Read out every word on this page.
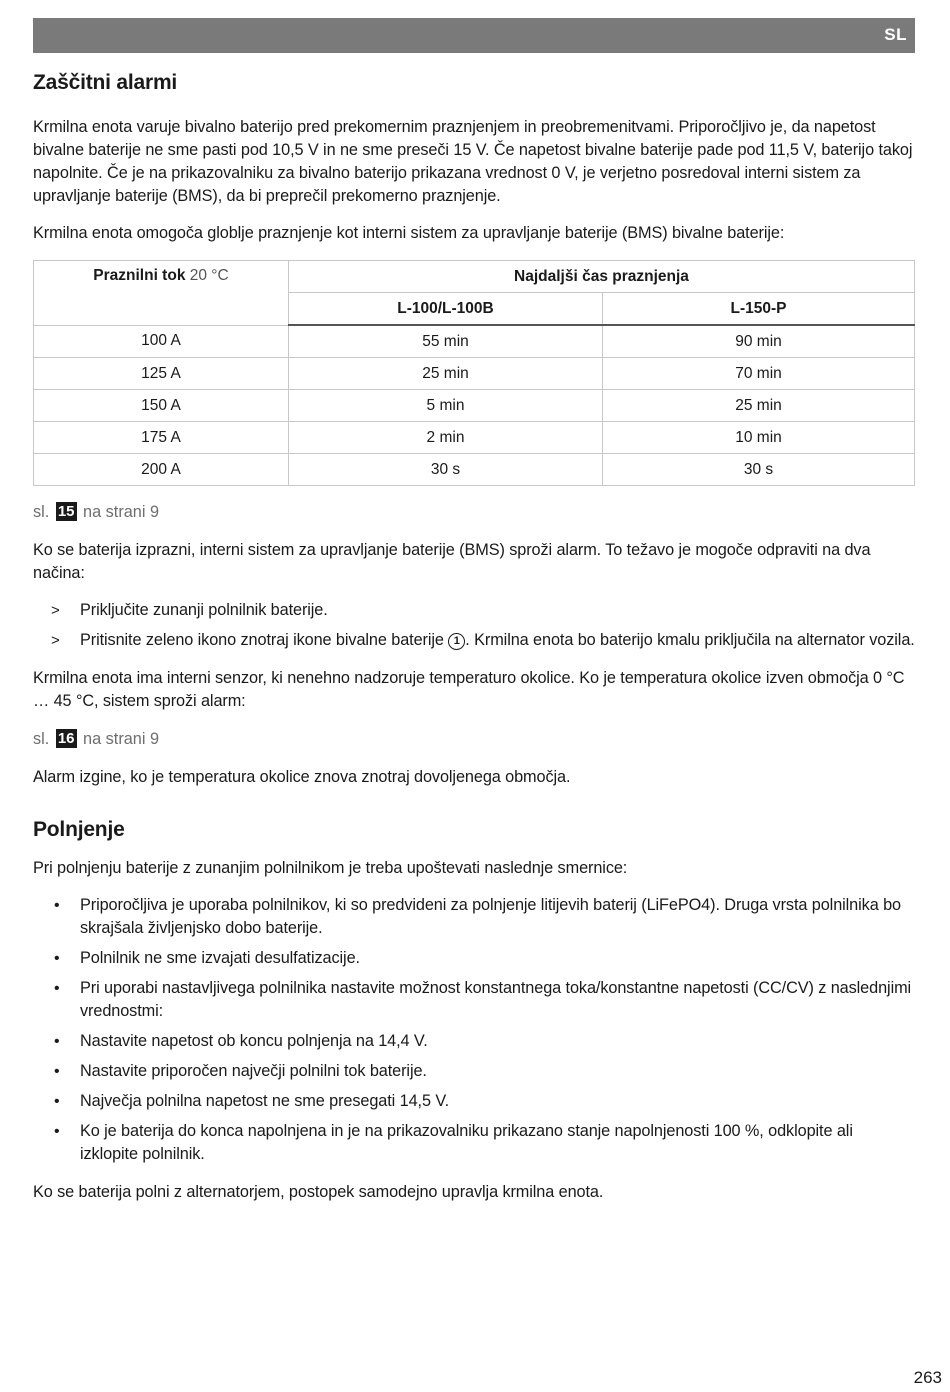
SL
Zaščitni alarmi

Krmilna enota varuje bivalno baterijo pred prekomernim praznjenjem in preobremenitvami. Priporočljivo je, da napetost bivalne baterije ne sme pasti pod 10,5 V in ne sme preseči 15 V. Če napetost bivalne baterije pade pod 11,5 V, baterijo takoj napolnite. Če je na prikazovalniku za bivalno baterijo prikazana vrednost 0 V, je verjetno posredoval interni sistem za upravljanje baterije (BMS), da bi preprečil prekomerno praznjenje.

Krmilna enota omogoča globlje praznjenje kot interni sistem za upravljanje baterije (BMS) bivalne baterije:

Praznilni tok 20 °C	Najdaljši čas praznjenja	
	L-100/L-100B	L-150-P
100 A	55 min	90 min
125 A	25 min	70 min
150 A	5 min	25 min
175 A	2 min	10 min
200 A	30 s	30 s
sl. 15 na strani 9

Ko se baterija izprazni, interni sistem za upravljanje baterije (BMS) sproži alarm. To težavo je mogoče odpraviti na dva načina:

> Priključite zunanji polnilnik baterije.
> Pritisnite zeleno ikono znotraj ikone bivalne baterije 1 . Krmilna enota bo baterijo kmalu priključila na alternator vozila.

Krmilna enota ima interni senzor, ki nenehno nadzoruje temperaturo okolice. Ko je temperatura okolice izven območja 0 °C … 45 °C, sistem sproži alarm:

sl. 16 na strani 9

Alarm izgine, ko je temperatura okolice znova znotraj dovoljenega območja.

Polnjenje

Pri polnjenju baterije z zunanjim polnilnikom je treba upoštevati naslednje smernice:

• Priporočljiva je uporaba polnilnikov, ki so predvideni za polnjenje litijevih baterij (LiFePO4). Druga vrsta polnilnika bo skrajšala življenjsko dobo baterije.
• Polnilnik ne sme izvajati desulfatizacije.
• Pri uporabi nastavljivega polnilnika nastavite možnost konstantnega toka/konstantne napetosti (CC/CV) z naslednjimi vrednostmi:
• Nastavite napetost ob koncu polnjenja na 14,4 V.
• Nastavite priporočen največji polnilni tok baterije.
• Največja polnilna napetost ne sme presegati 14,5 V.
• Ko je baterija do konca napolnjena in je na prikazovalniku prikazano stanje napolnjenosti 100 %, odklopite ali izklopite polnilnik.

Ko se baterija polni z alternatorjem, postopek samodejno upravlja krmilna enota.

263
